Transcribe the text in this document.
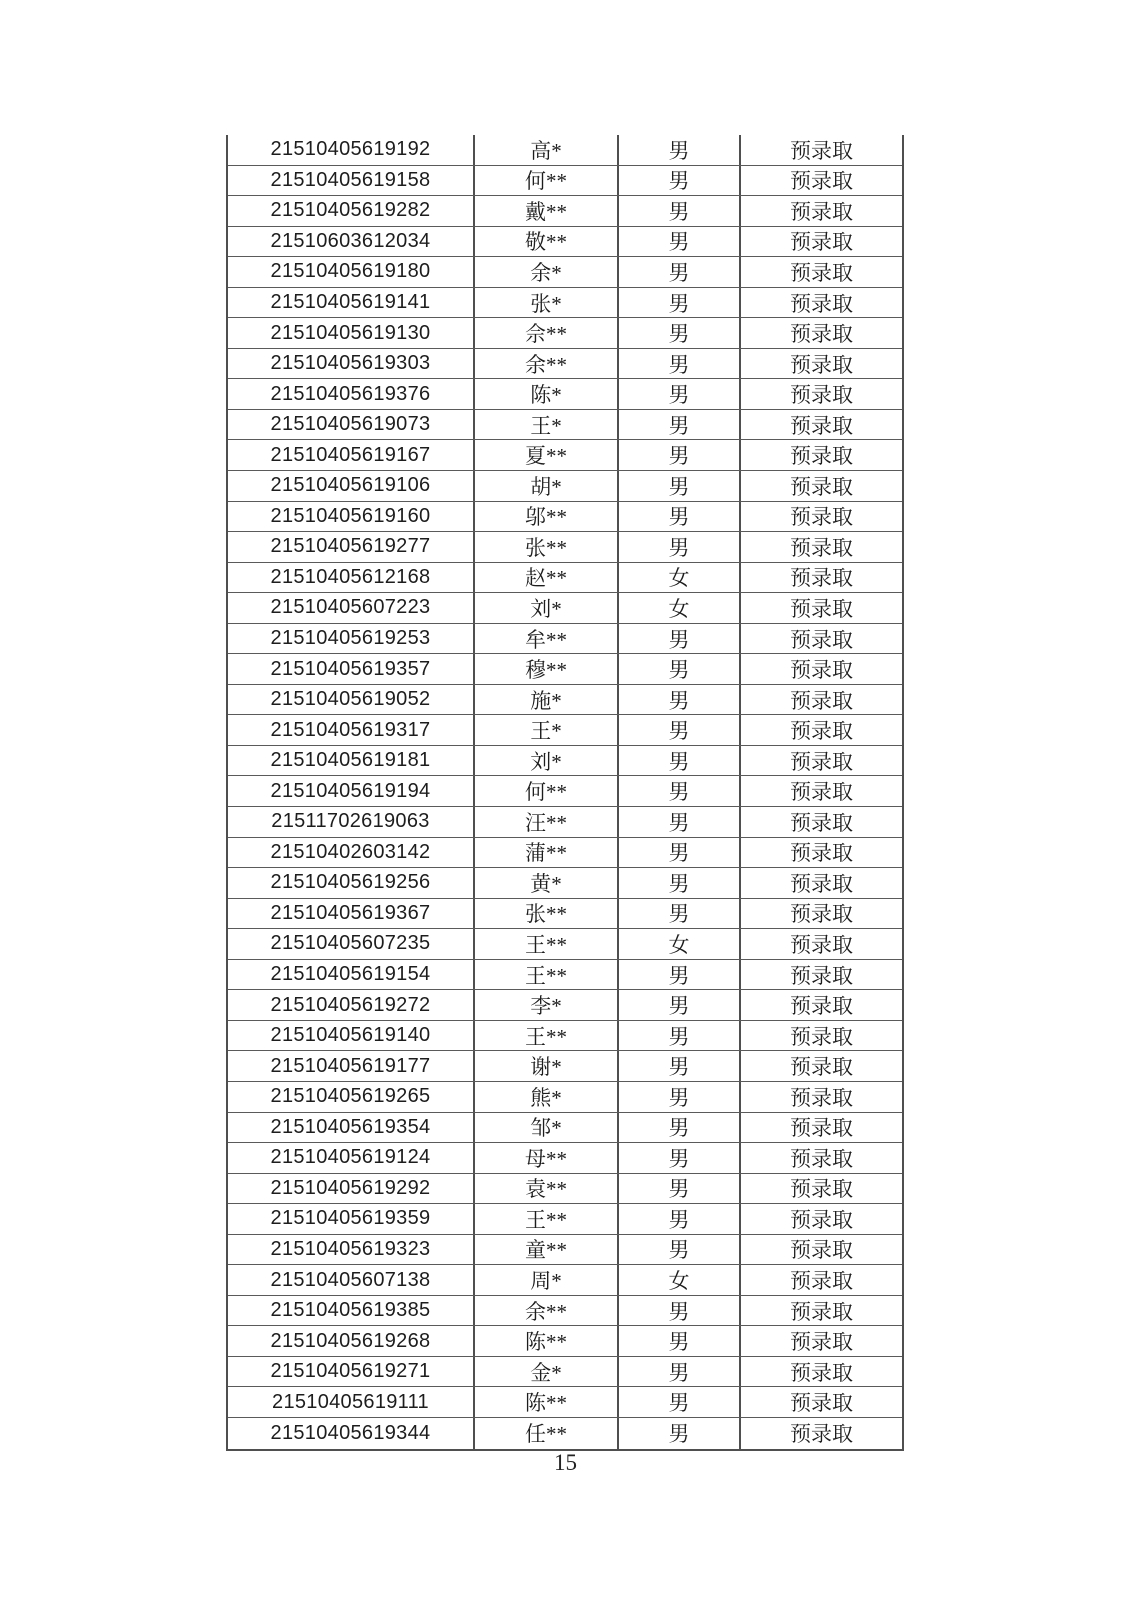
21510405619192	高*	男	预录取
21510405619158	何**	男	预录取
21510405619282	戴**	男	预录取
21510603612034	敬**	男	预录取
21510405619180	余*	男	预录取
21510405619141	张*	男	预录取
21510405619130	佘**	男	预录取
21510405619303	余**	男	预录取
21510405619376	陈*	男	预录取
21510405619073	王*	男	预录取
21510405619167	夏**	男	预录取
21510405619106	胡*	男	预录取
21510405619160	邬**	男	预录取
21510405619277	张**	男	预录取
21510405612168	赵**	女	预录取
21510405607223	刘*	女	预录取
21510405619253	牟**	男	预录取
21510405619357	穆**	男	预录取
21510405619052	施*	男	预录取
21510405619317	王*	男	预录取
21510405619181	刘*	男	预录取
21510405619194	何**	男	预录取
21511702619063	汪**	男	预录取
21510402603142	蒲**	男	预录取
21510405619256	黄*	男	预录取
21510405619367	张**	男	预录取
21510405607235	王**	女	预录取
21510405619154	王**	男	预录取
21510405619272	李*	男	预录取
21510405619140	王**	男	预录取
21510405619177	谢*	男	预录取
21510405619265	熊*	男	预录取
21510405619354	邹*	男	预录取
21510405619124	母**	男	预录取
21510405619292	袁**	男	预录取
21510405619359	王**	男	预录取
21510405619323	童**	男	预录取
21510405607138	周*	女	预录取
21510405619385	余**	男	预录取
21510405619268	陈**	男	预录取
21510405619271	金*	男	预录取
21510405619111	陈**	男	预录取
21510405619344	任**	男	预录取
15
